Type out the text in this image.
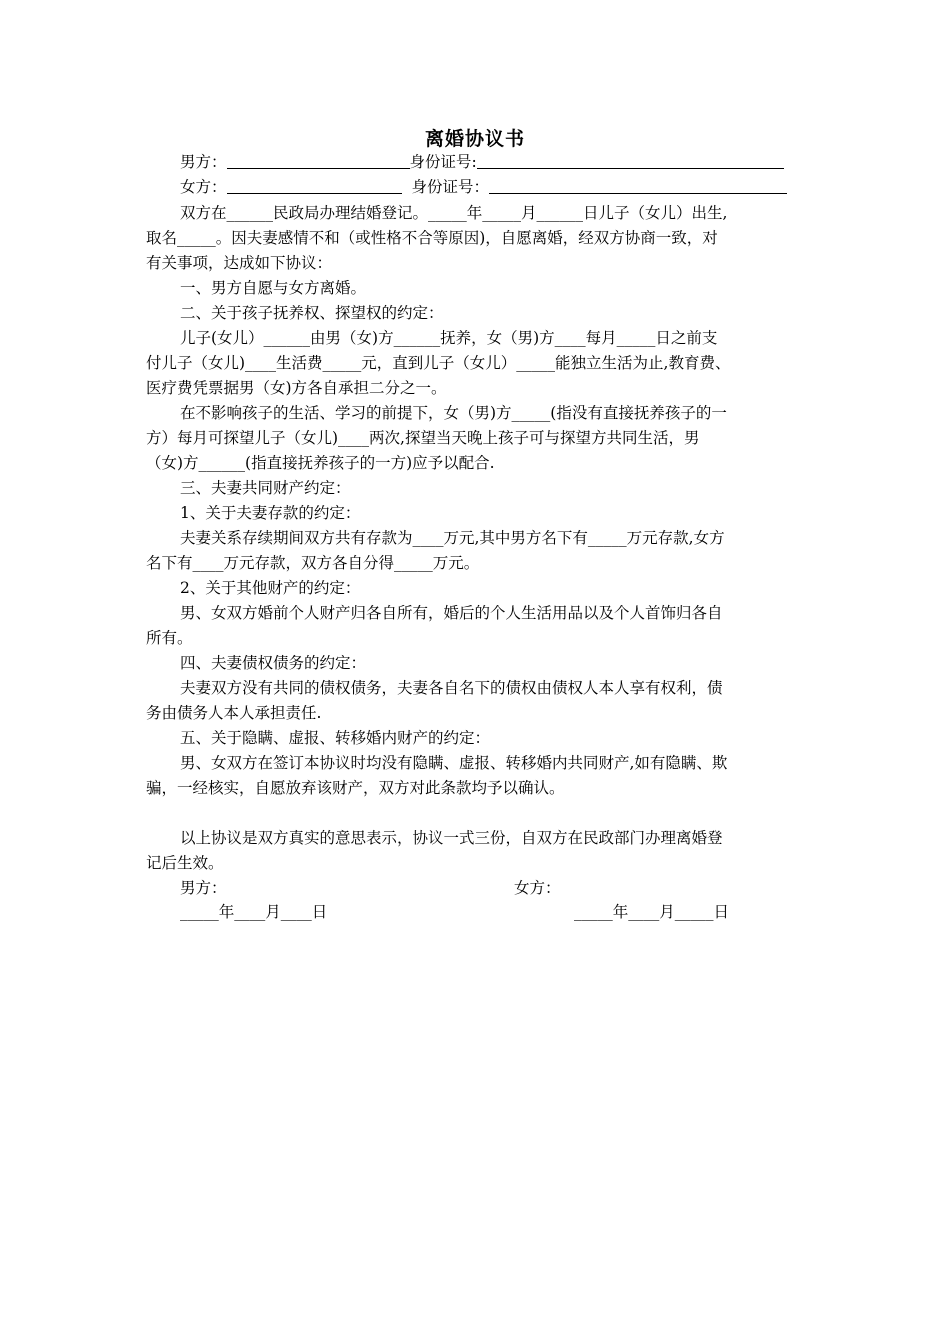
离婚协议书
男方：	身份证号:
女方：	身份证号：
双方在______民政局办理结婚登记。_____年_____月______日儿子（女儿）出生,
取名_____。因夫妻感情不和（或性格不合等原因)，自愿离婚，经双方协商一致，对
有关事项，达成如下协议：
一、男方自愿与女方离婚。
二、关于孩子抚养权、探望权的约定：
儿子(女儿）______由男（女)方______抚养，女（男)方____每月_____日之前支
付儿子（女儿)____生活费_____元，直到儿子（女儿）_____能独立生活为止,教育费、
医疗费凭票据男（女)方各自承担二分之一。
在不影响孩子的生活、学习的前提下，女（男)方_____(指没有直接抚养孩子的一
方）每月可探望儿子（女儿)____两次,探望当天晚上孩子可与探望方共同生活，男
（女)方______(指直接抚养孩子的一方)应予以配合.
三、夫妻共同财产约定：
1、关于夫妻存款的约定：
夫妻关系存续期间双方共有存款为____万元,其中男方名下有_____万元存款,女方
名下有____万元存款，双方各自分得_____万元。
2、关于其他财产的约定：
男、女双方婚前个人财产归各自所有，婚后的个人生活用品以及个人首饰归各自
所有。
四、夫妻债权债务的约定：
夫妻双方没有共同的债权债务，夫妻各自名下的债权由债权人本人享有权利，债
务由债务人本人承担责任.
五、关于隐瞒、虚报、转移婚内财产的约定：
男、女双方在签订本协议时均没有隐瞒、虚报、转移婚内共同财产,如有隐瞒、欺
骗，一经核实，自愿放弃该财产，双方对此条款均予以确认。
以上协议是双方真实的意思表示，协议一式三份，自双方在民政部门办理离婚登
记后生效。
男方：	女方：
_____年____月____日	_____年____月_____日
